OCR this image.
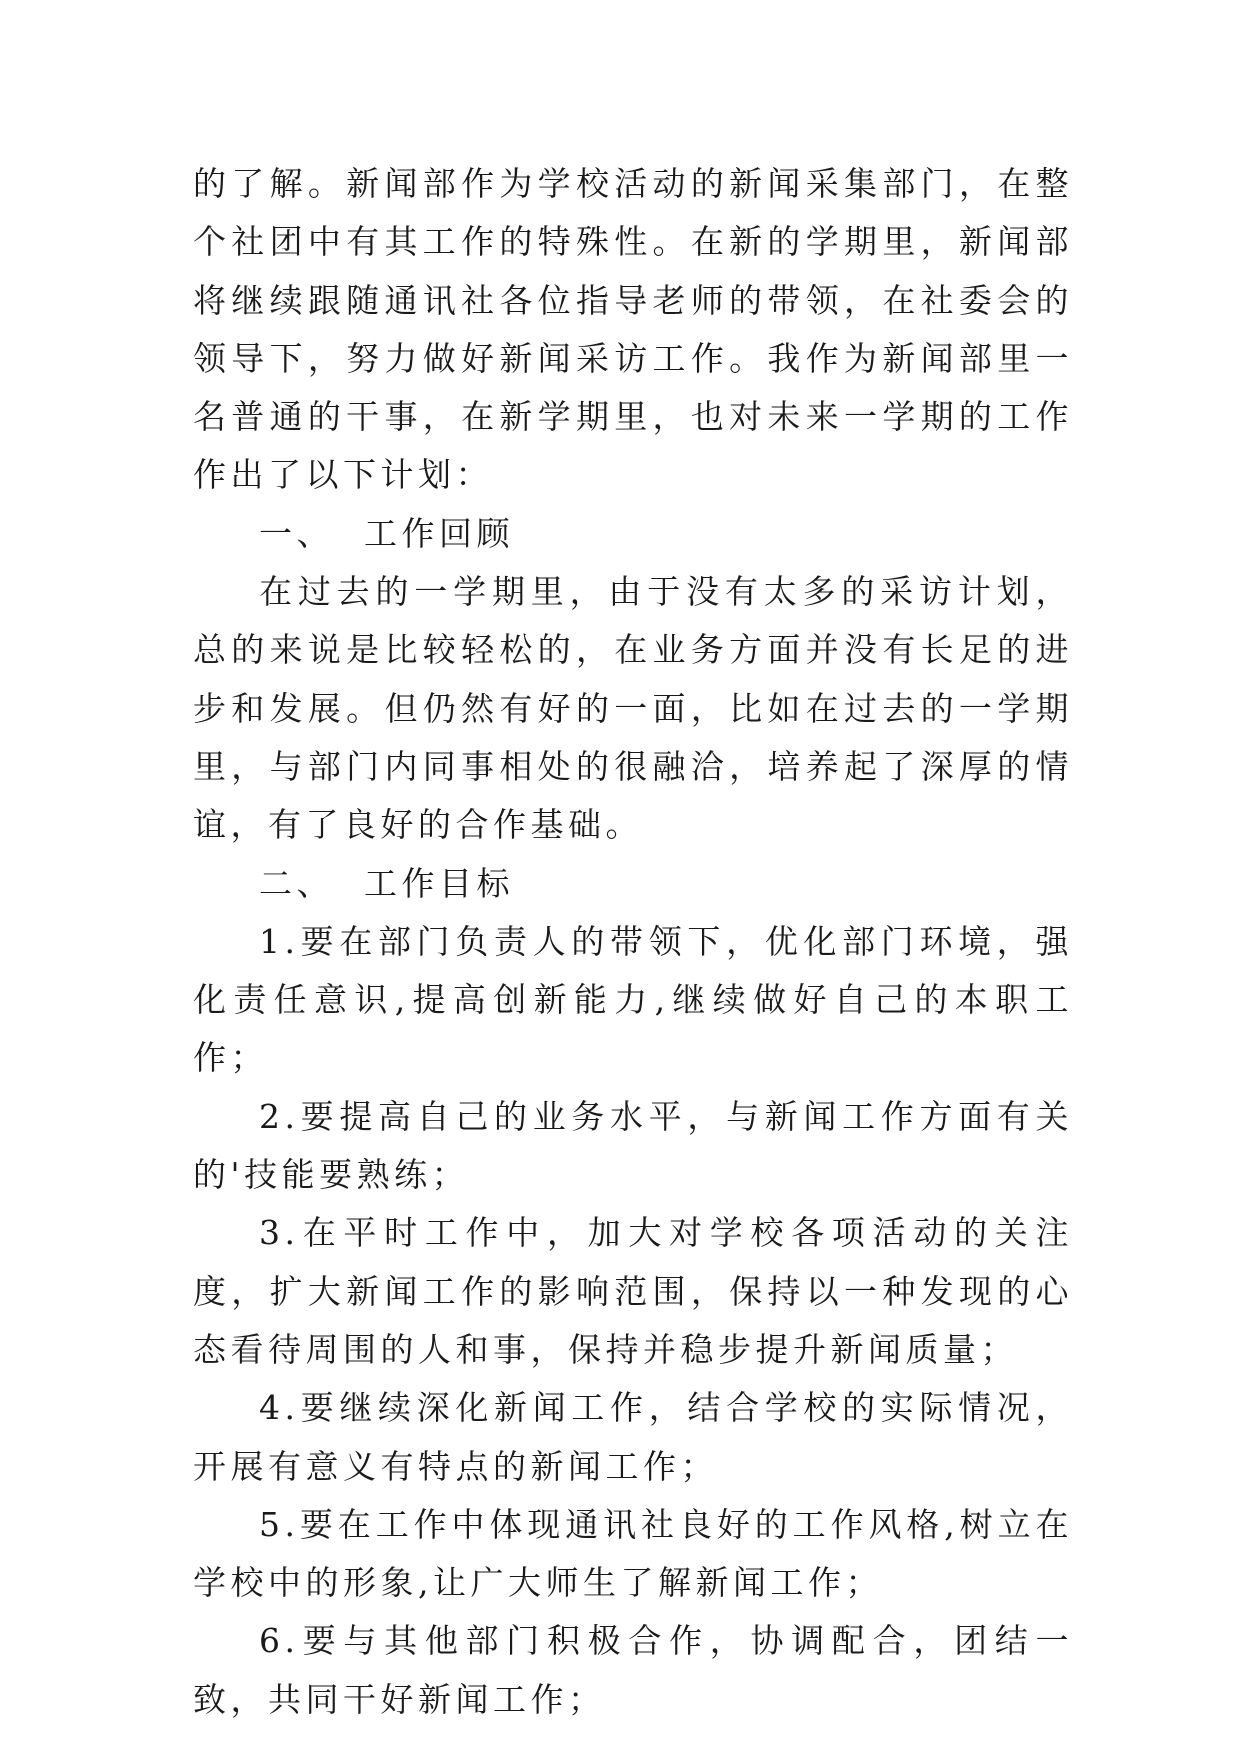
的了解。新闻部作为学校活动的新闻采集部门，在整个社团中有其工作的特殊性。在新的学期里，新闻部将继续跟随通讯社各位指导老师的带领，在社委会的领导下，努力做好新闻采访工作。我作为新闻部里一名普通的干事，在新学期里，也对未来一学期的工作作出了以下计划：

一、  工作回顾

在过去的一学期里，由于没有太多的采访计划，总的来说是比较轻松的，在业务方面并没有长足的进步和发展。但仍然有好的一面，比如在过去的一学期里，与部门内同事相处的很融洽，培养起了深厚的情谊，有了良好的合作基础。

二、  工作目标

1.要在部门负责人的带领下，优化部门环境，强化责任意识,提高创新能力,继续做好自己的本职工作；

2.要提高自己的业务水平，与新闻工作方面有关的'技能要熟练；

3.在平时工作中，加大对学校各项活动的关注度，扩大新闻工作的影响范围，保持以一种发现的心态看待周围的人和事，保持并稳步提升新闻质量；

4.要继续深化新闻工作，结合学校的实际情况，开展有意义有特点的新闻工作；

5.要在工作中体现通讯社良好的工作风格,树立在学校中的形象,让广大师生了解新闻工作；

6.要与其他部门积极合作，协调配合，团结一致，共同干好新闻工作；
